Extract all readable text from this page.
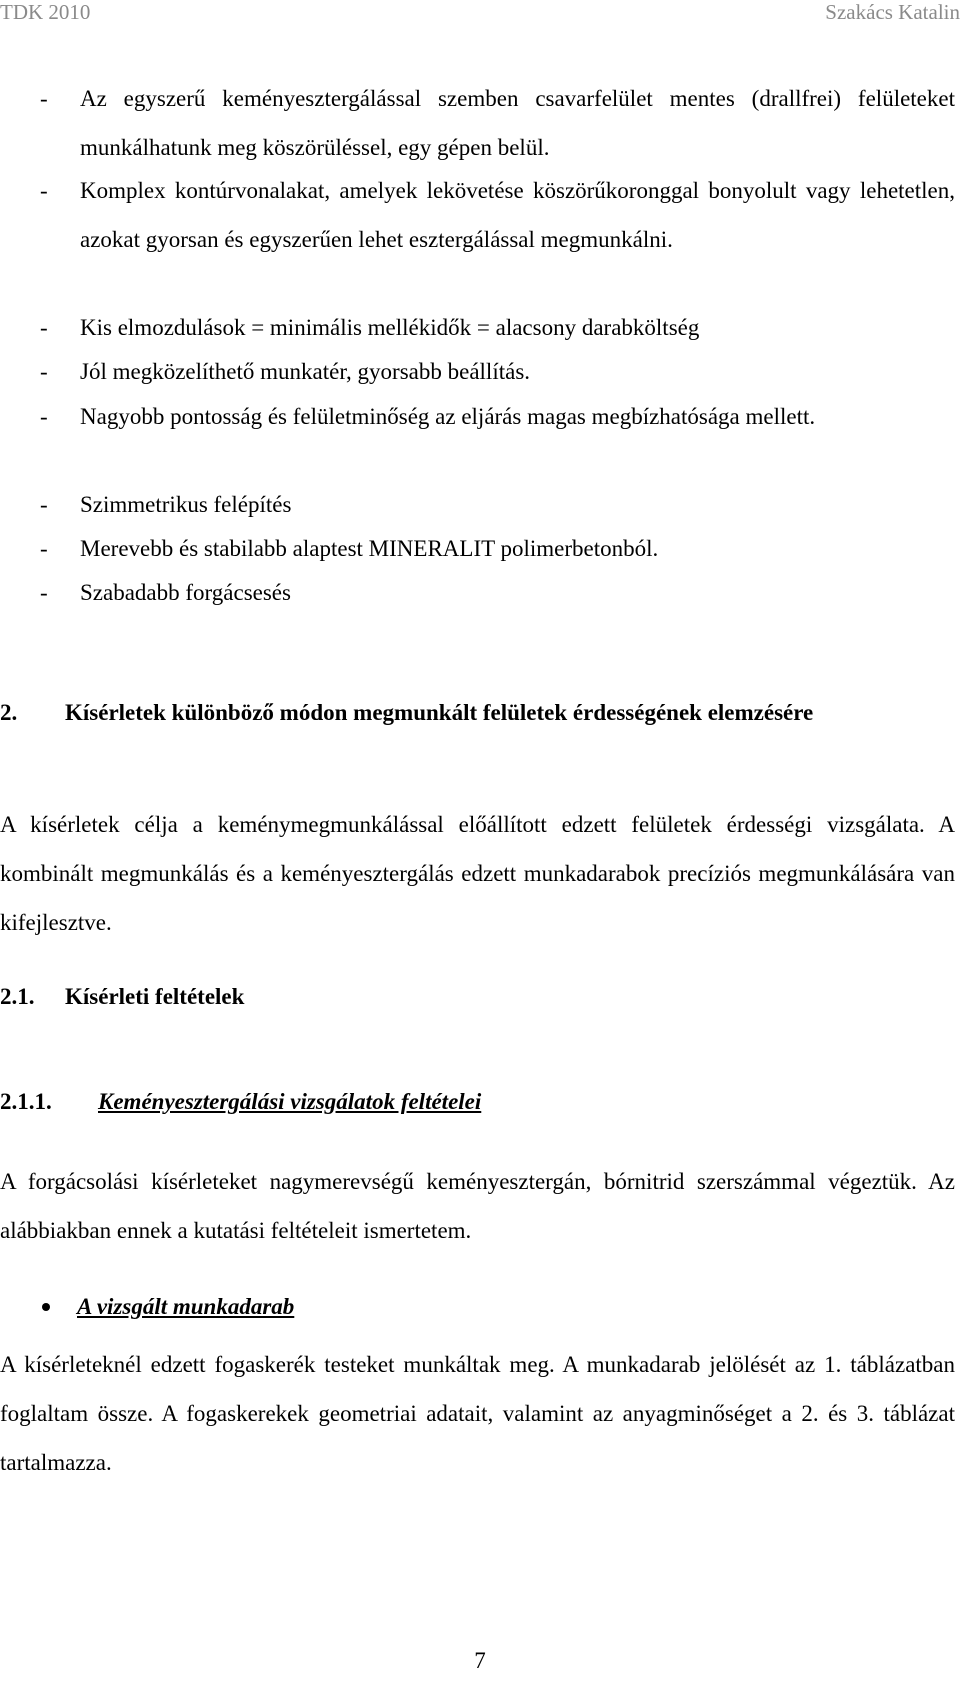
TDK 2010	Szakács Katalin
- Az egyszerű keményesztergálással szemben csavarfelület mentes (drallfrei) felületeket munkálhatunk meg köszörüléssel, egy gépen belül.
- Komplex kontúrvonalakat, amelyek lekövetése köszörűkoronggal bonyolult vagy lehetetlen, azokat gyorsan és egyszerűen lehet esztergálással megmunkálni.
- Kis elmozdulások = minimális mellékidők = alacsony darabköltség
- Jól megközelíthető munkatér, gyorsabb beállítás.
- Nagyobb pontosság és felületminőség az eljárás magas megbízhatósága mellett.
- Szimmetrikus felépítés
- Merevebb és stabilabb alaptest MINERALIT polimerbetonból.
- Szabadabb forgácsesés
2. Kísérletek különböző módon megmunkált felületek érdességének elemzésére
A kísérletek célja a keménymegmunkálással előállított edzett felületek érdességi vizsgálata. A kombinált megmunkálás és a keményesztergálás edzett munkadarabok precíziós megmunkálására van kifejlesztve.
2.1. Kísérleti feltételek
2.1.1. Keményesztergálási vizsgálatok feltételei
A forgácsolási kísérleteket nagymerevségű keményesztergán, bórnitrid szerszámmal végeztük. Az alábbiakban ennek a kutatási feltételeit ismertetem.
A vizsgált munkadarab
A kísérleteknél edzett fogaskerék testeket munkáltak meg. A munkadarab jelölését az 1. táblázatban foglaltam össze. A fogaskerekek geometriai adatait, valamint az anyagminőséget a 2. és 3. táblázat tartalmazza.
7
